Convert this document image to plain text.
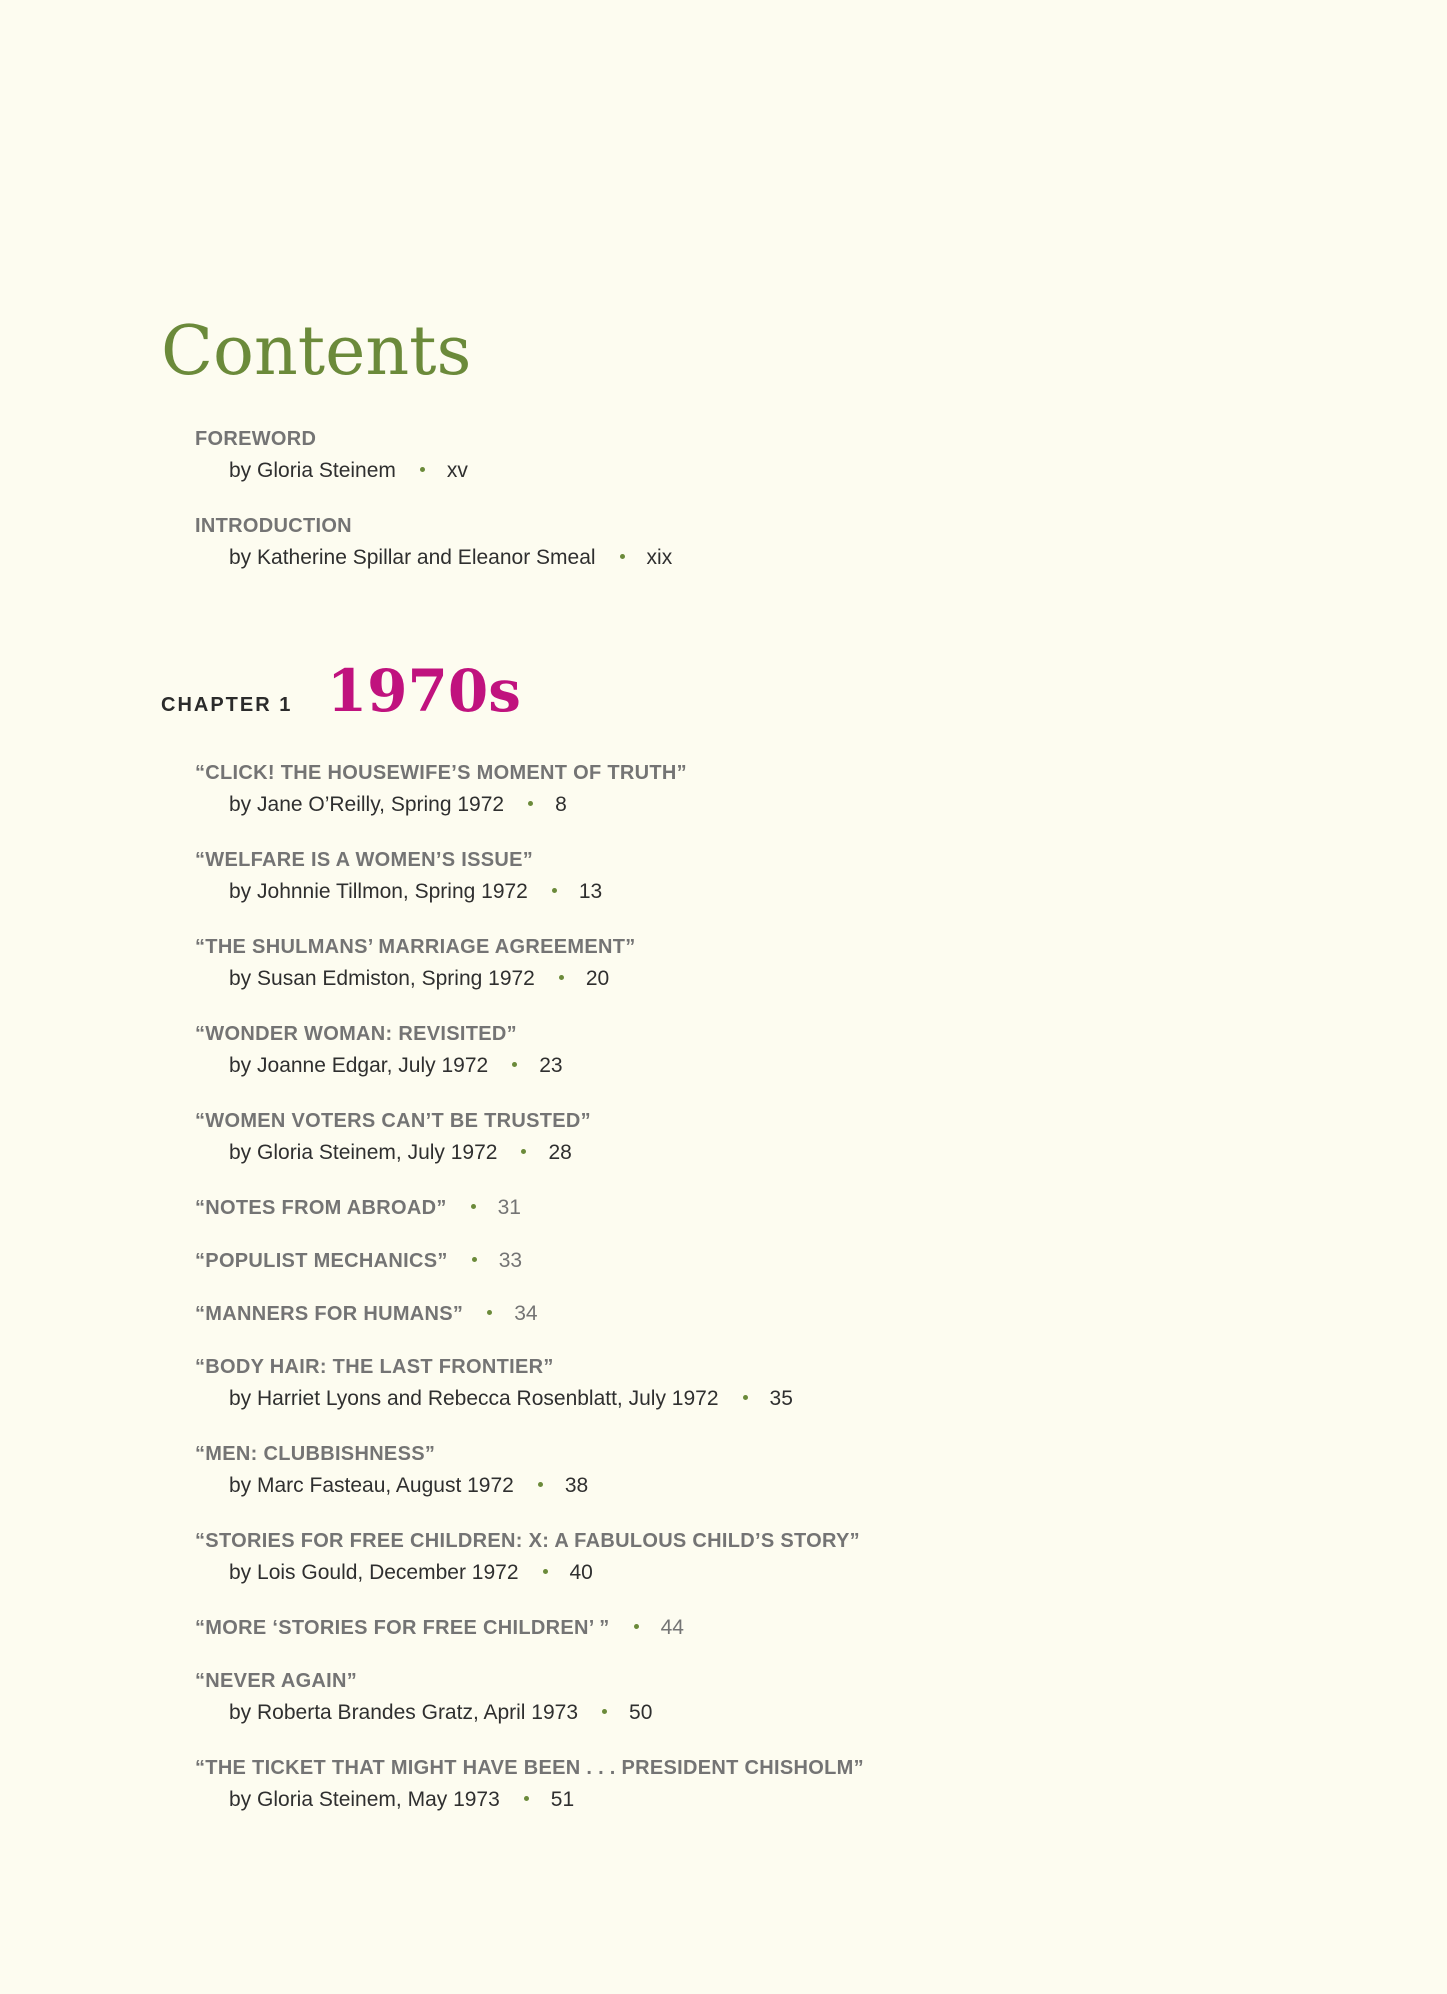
Contents
FOREWORD
by Gloria Steinem xv
INTRODUCTION
by Katherine Spillar and Eleanor Smeal xix
CHAPTER 1 1970s
“CLICK! THE HOUSEWIFE’S MOMENT OF TRUTH”
by Jane O’Reilly, Spring 1972 8
“WELFARE IS A WOMEN’S ISSUE”
by Johnnie Tillmon, Spring 1972 13
“THE SHULMANS’ MARRIAGE AGREEMENT”
by Susan Edmiston, Spring 1972 20
“WONDER WOMAN: REVISITED”
by Joanne Edgar, July 1972 23
“WOMEN VOTERS CAN’T BE TRUSTED”
by Gloria Steinem, July 1972 28
“NOTES FROM ABROAD” 31
“POPULIST MECHANICS” 33
“MANNERS FOR HUMANS” 34
“BODY HAIR: THE LAST FRONTIER”
by Harriet Lyons and Rebecca Rosenblatt, July 1972 35
“MEN: CLUBBISHNESS”
by Marc Fasteau, August 1972 38
“STORIES FOR FREE CHILDREN: X: A FABULOUS CHILD’S STORY”
by Lois Gould, December 1972 40
“MORE ‘STORIES FOR FREE CHILDREN’ ” 44
“NEVER AGAIN”
by Roberta Brandes Gratz, April 1973 50
“THE TICKET THAT MIGHT HAVE BEEN . . . PRESIDENT CHISHOLM”
by Gloria Steinem, May 1973 51
